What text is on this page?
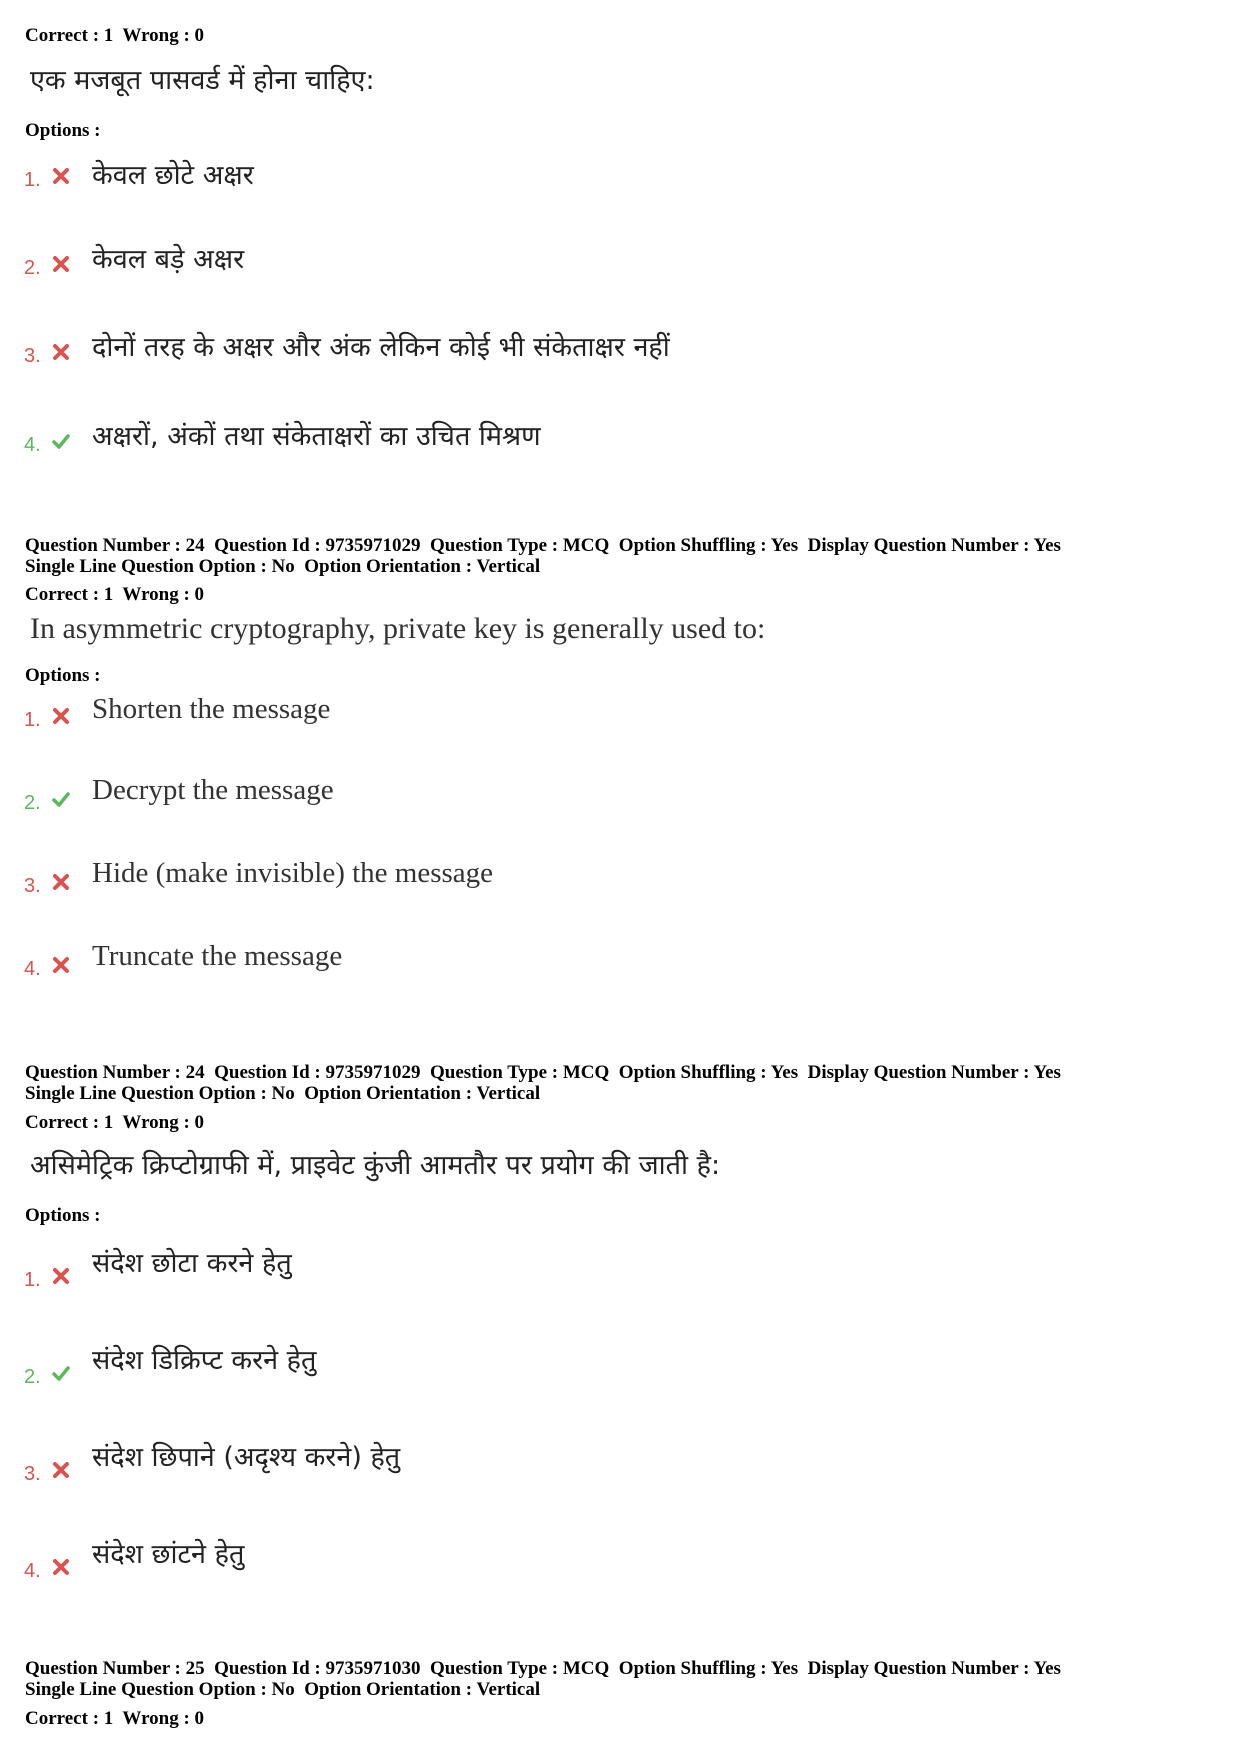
Correct : 1  Wrong : 0
एक मजबूत पासवर्ड में होना चाहिए:
Options :
1. केवल छोटे अक्षर
2. केवल बड़े अक्षर
3. दोनों तरह के अक्षर और अंक लेकिन कोई भी संकेताक्षर नहीं
4. अक्षरों, अंकों तथा संकेताक्षरों का उचित मिश्रण
Question Number : 24  Question Id : 9735971029  Question Type : MCQ  Option Shuffling : Yes  Display Question Number : Yes
Single Line Question Option : No  Option Orientation : Vertical
Correct : 1  Wrong : 0
In asymmetric cryptography, private key is generally used to:
Options :
1. Shorten the message
2. Decrypt the message
3. Hide (make invisible) the message
4. Truncate the message
Question Number : 24  Question Id : 9735971029  Question Type : MCQ  Option Shuffling : Yes  Display Question Number : Yes
Single Line Question Option : No  Option Orientation : Vertical
Correct : 1  Wrong : 0
असिमेट्रिक क्रिप्टोग्राफी में, प्राइवेट कुंजी आमतौर पर प्रयोग की जाती है:
Options :
1.
संदेश छोटा करने हेतु
2.
संदेश डिक्रिप्ट करने हेतु
3.
संदेश छिपाने (अदृश्य करने) हेतु
4.
संदेश छांटने हेतु
Question Number : 25  Question Id : 9735971030  Question Type : MCQ  Option Shuffling : Yes  Display Question Number : Yes
Single Line Question Option : No  Option Orientation : Vertical
Correct : 1  Wrong : 0
